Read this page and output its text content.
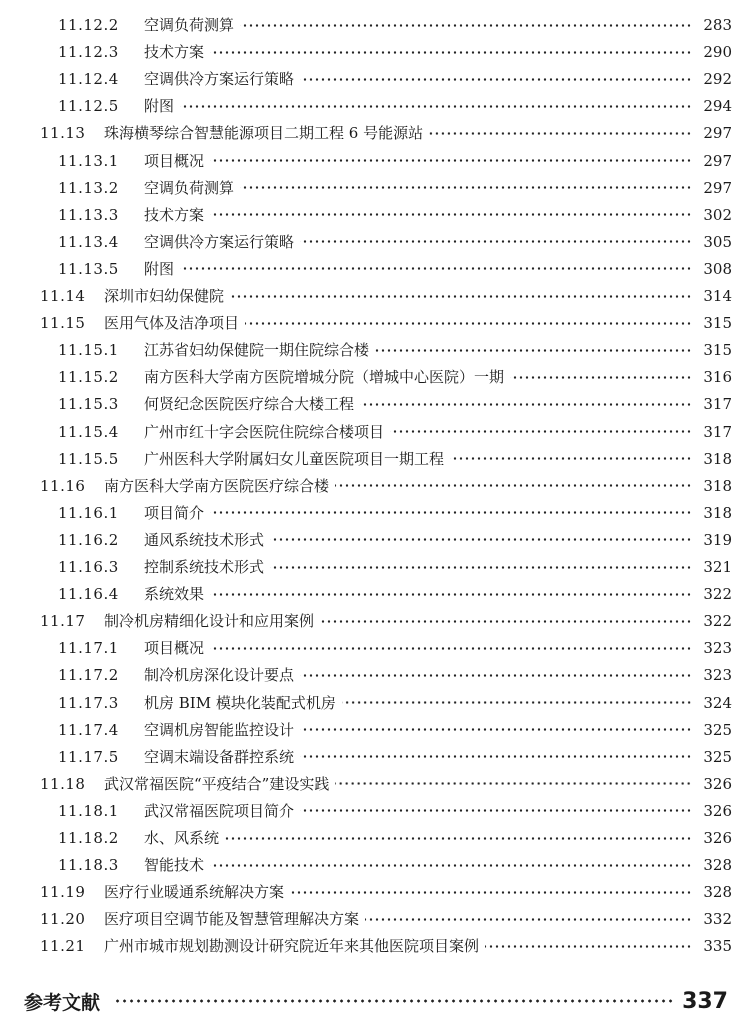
11.12.2	空调负荷测算	283
11.12.3	技术方案	290
11.12.4	空调供冷方案运行策略	292
11.12.5	附图	294
11.13	珠海横琴综合智慧能源项目二期工程 6 号能源站	297
11.13.1	项目概况	297
11.13.2	空调负荷测算	297
11.13.3	技术方案	302
11.13.4	空调供冷方案运行策略	305
11.13.5	附图	308
11.14	深圳市妇幼保健院	314
11.15	医用气体及洁净项目	315
11.15.1	江苏省妇幼保健院一期住院综合楼	315
11.15.2	南方医科大学南方医院增城分院（增城中心医院）一期	316
11.15.3	何贤纪念医院医疗综合大楼工程	317
11.15.4	广州市红十字会医院住院综合楼项目	317
11.15.5	广州医科大学附属妇女儿童医院项目一期工程	318
11.16	南方医科大学南方医院医疗综合楼	318
11.16.1	项目简介	318
11.16.2	通风系统技术形式	319
11.16.3	控制系统技术形式	321
11.16.4	系统效果	322
11.17	制冷机房精细化设计和应用案例	322
11.17.1	项目概况	323
11.17.2	制冷机房深化设计要点	323
11.17.3	机房 BIM 模块化装配式机房	324
11.17.4	空调机房智能监控设计	325
11.17.5	空调末端设备群控系统	325
11.18	武汉常福医院“平疫结合”建设实践	326
11.18.1	武汉常福医院项目简介	326
11.18.2	水、风系统	326
11.18.3	智能技术	328
11.19	医疗行业暖通系统解决方案	328
11.20	医疗项目空调节能及智慧管理解决方案	332
11.21	广州市城市规划勘测设计研究院近年来其他医院项目案例	335
参考文献	337
